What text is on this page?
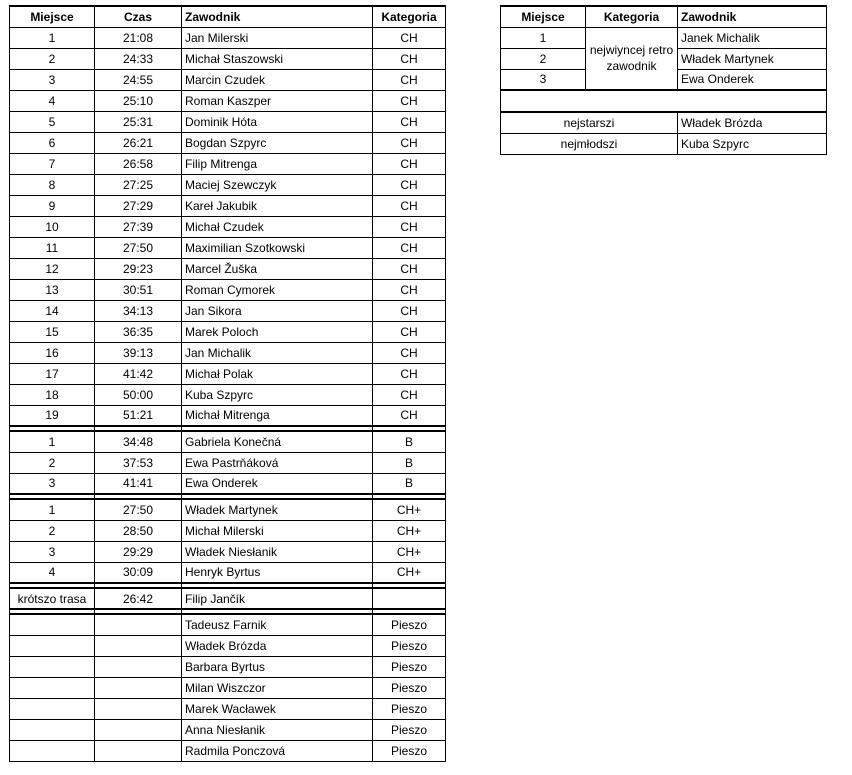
Miejsce	Czas	Zawodnik	Kategoria
1	21:08	Jan Milerski	CH
2	24:33	Michał Staszowski	CH
3	24:55	Marcin Czudek	CH
4	25:10	Roman Kaszper	CH
5	25:31	Dominik Hóta	CH
6	26:21	Bogdan Szpyrc	CH
7	26:58	Filip Mitrenga	CH
8	27:25	Maciej Szewczyk	CH
9	27:29	Kareł Jakubik	CH
10	27:39	Michał Czudek	CH
11	27:50	Maximilian Szotkowski	CH
12	29:23	Marcel Žuška	CH
13	30:51	Roman Cymorek	CH
14	34:13	Jan Sikora	CH
15	36:35	Marek Poloch	CH
16	39:13	Jan Michalik	CH
17	41:42	Michał Polak	CH
18	50:00	Kuba Szpyrc	CH
19	51:21	Michał Mitrenga	CH

1	34:48	Gabriela Konečná	B
2	37:53	Ewa Pastrňáková	B
3	41:41	Ewa Onderek	B

1	27:50	Władek Martynek	CH+
2	28:50	Michał Milerski	CH+
3	29:29	Władek Niesłanik	CH+
4	30:09	Henryk Byrtus	CH+

krótszo trasa	26:42	Filip Jančík	

		Tadeusz Farnik	Pieszo
		Władek Brózda	Pieszo
		Barbara Byrtus	Pieszo
		Milan Wiszczor	Pieszo
		Marek Wacławek	Pieszo
		Anna Niesłanik	Pieszo
		Radmila Ponczová	Pieszo
Miejsce	Kategoria	Zawodnik
1	nejwiyncej retro zawodnik	Janek Michalik
2		Władek Martynek
3		Ewa Onderek

nejstarszi		Władek Brózda
nejmłodszi		Kuba Szpyrc
